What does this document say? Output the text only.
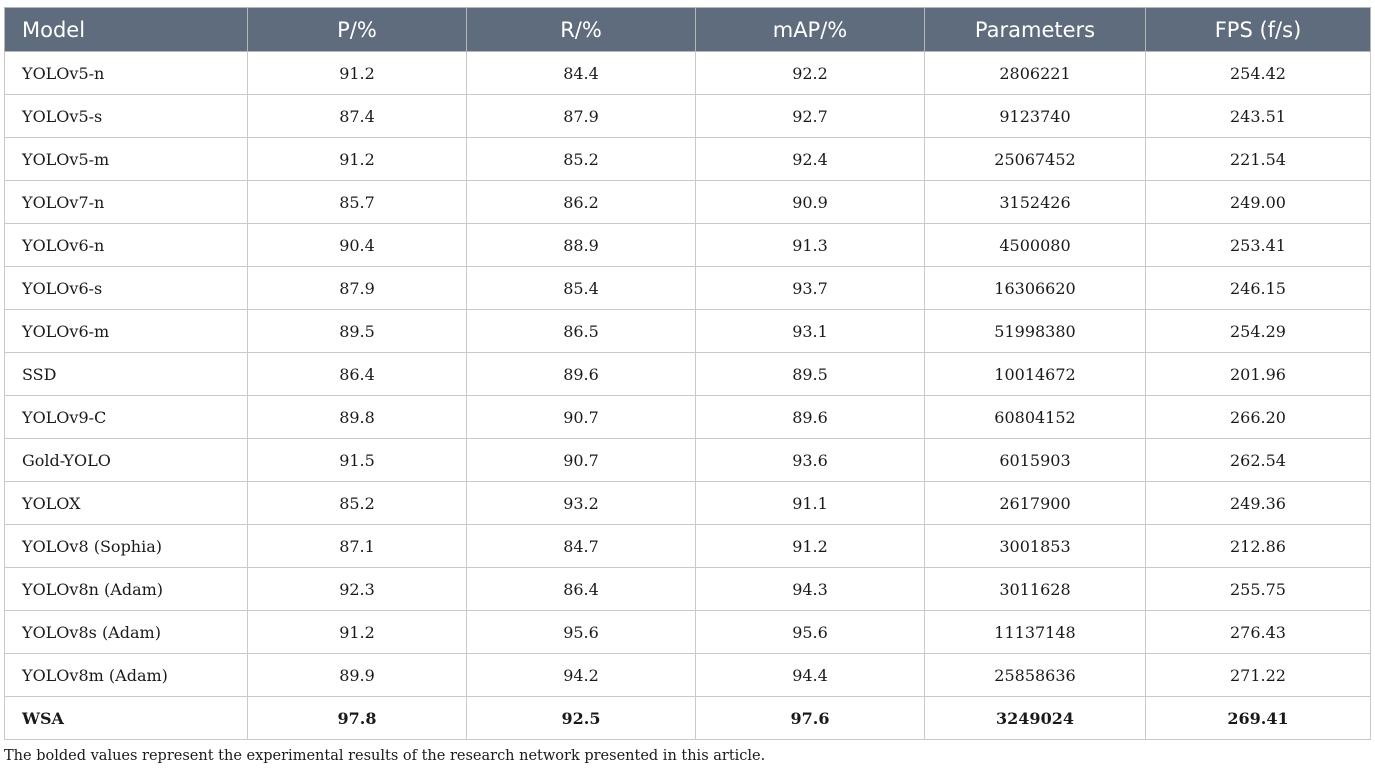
Model	P/%	R/%	mAP/%	Parameters	FPS (f/s)
YOLOv5-n	91.2	84.4	92.2	2806221	254.42
YOLOv5-s	87.4	87.9	92.7	9123740	243.51
YOLOv5-m	91.2	85.2	92.4	25067452	221.54
YOLOv7-n	85.7	86.2	90.9	3152426	249.00
YOLOv6-n	90.4	88.9	91.3	4500080	253.41
YOLOv6-s	87.9	85.4	93.7	16306620	246.15
YOLOv6-m	89.5	86.5	93.1	51998380	254.29
SSD	86.4	89.6	89.5	10014672	201.96
YOLOv9-C	89.8	90.7	89.6	60804152	266.20
Gold-YOLO	91.5	90.7	93.6	6015903	262.54
YOLOX	85.2	93.2	91.1	2617900	249.36
YOLOv8 (Sophia)	87.1	84.7	91.2	3001853	212.86
YOLOv8n (Adam)	92.3	86.4	94.3	3011628	255.75
YOLOv8s (Adam)	91.2	95.6	95.6	11137148	276.43
YOLOv8m (Adam)	89.9	94.2	94.4	25858636	271.22
WSA	97.8	92.5	97.6	3249024	269.41
The bolded values represent the experimental results of the research network presented in this article.
